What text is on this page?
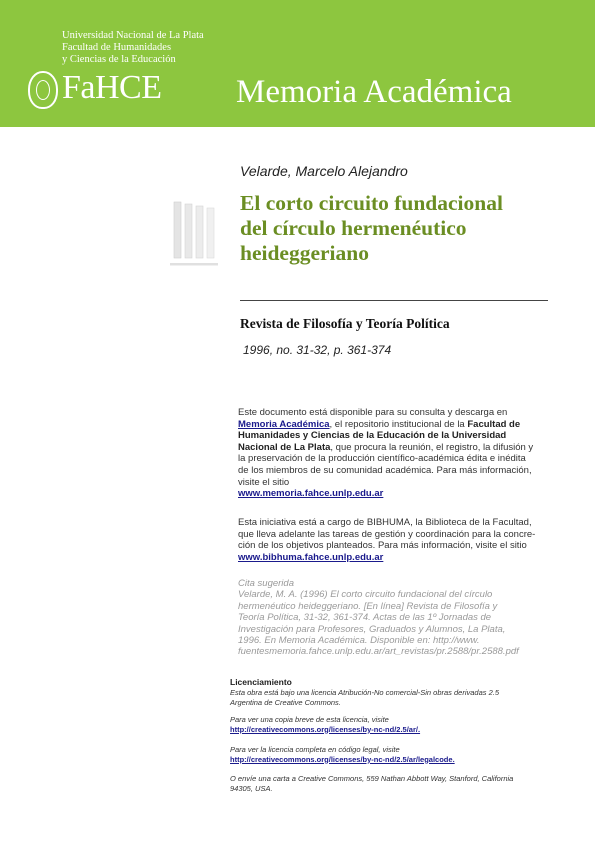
Universidad Nacional de La Plata
Facultad de Humanidades
y Ciencias de la Educación
FaHCE Memoria Académica
Velarde, Marcelo Alejandro
El corto circuito fundacional
del círculo hermenéutico
heideggeriano
Revista de Filosofía y Teoría Política
1996, no. 31-32, p. 361-374
Este documento está disponible para su consulta y descarga en
Memoria Académica, el repositorio institucional de la Facultad de
Humanidades y Ciencias de la Educación de la Universidad
Nacional de La Plata, que procura la reunión, el registro, la difusión y
la preservación de la producción científico-académica édita e inédita
de los miembros de su comunidad académica. Para más información,
visite el sitio
www.memoria.fahce.unlp.edu.ar
Esta iniciativa está a cargo de BIBHUMA, la Biblioteca de la Facultad,
que lleva adelante las tareas de gestión y coordinación para la concre-
ción de los objetivos planteados. Para más información, visite el sitio
www.bibhuma.fahce.unlp.edu.ar
Cita sugerida
Velarde, M. A. (1996) El corto circuito fundacional del círculo
hermenéutico heideggeriano. [En línea] Revista de Filosofía y
Teoría Política, 31-32, 361-374. Actas de las 1º Jornadas de
Investigación para Profesores, Graduados y Alumnos, La Plata,
1996. En Memoria Académica. Disponible en: http://www.
fuentesmemoria.fahce.unlp.edu.ar/art_revistas/pr.2588/pr.2588.pdf
Licenciamiento
Esta obra está bajo una licencia Atribución-No comercial-Sin obras derivadas 2.5
Argentina de Creative Commons.
Para ver una copia breve de esta licencia, visite
http://creativecommons.org/licenses/by-nc-nd/2.5/ar/.
Para ver la licencia completa en código legal, visite
http://creativecommons.org/licenses/by-nc-nd/2.5/ar/legalcode.
O envíe una carta a Creative Commons, 559 Nathan Abbott Way, Stanford, California
94305, USA.
